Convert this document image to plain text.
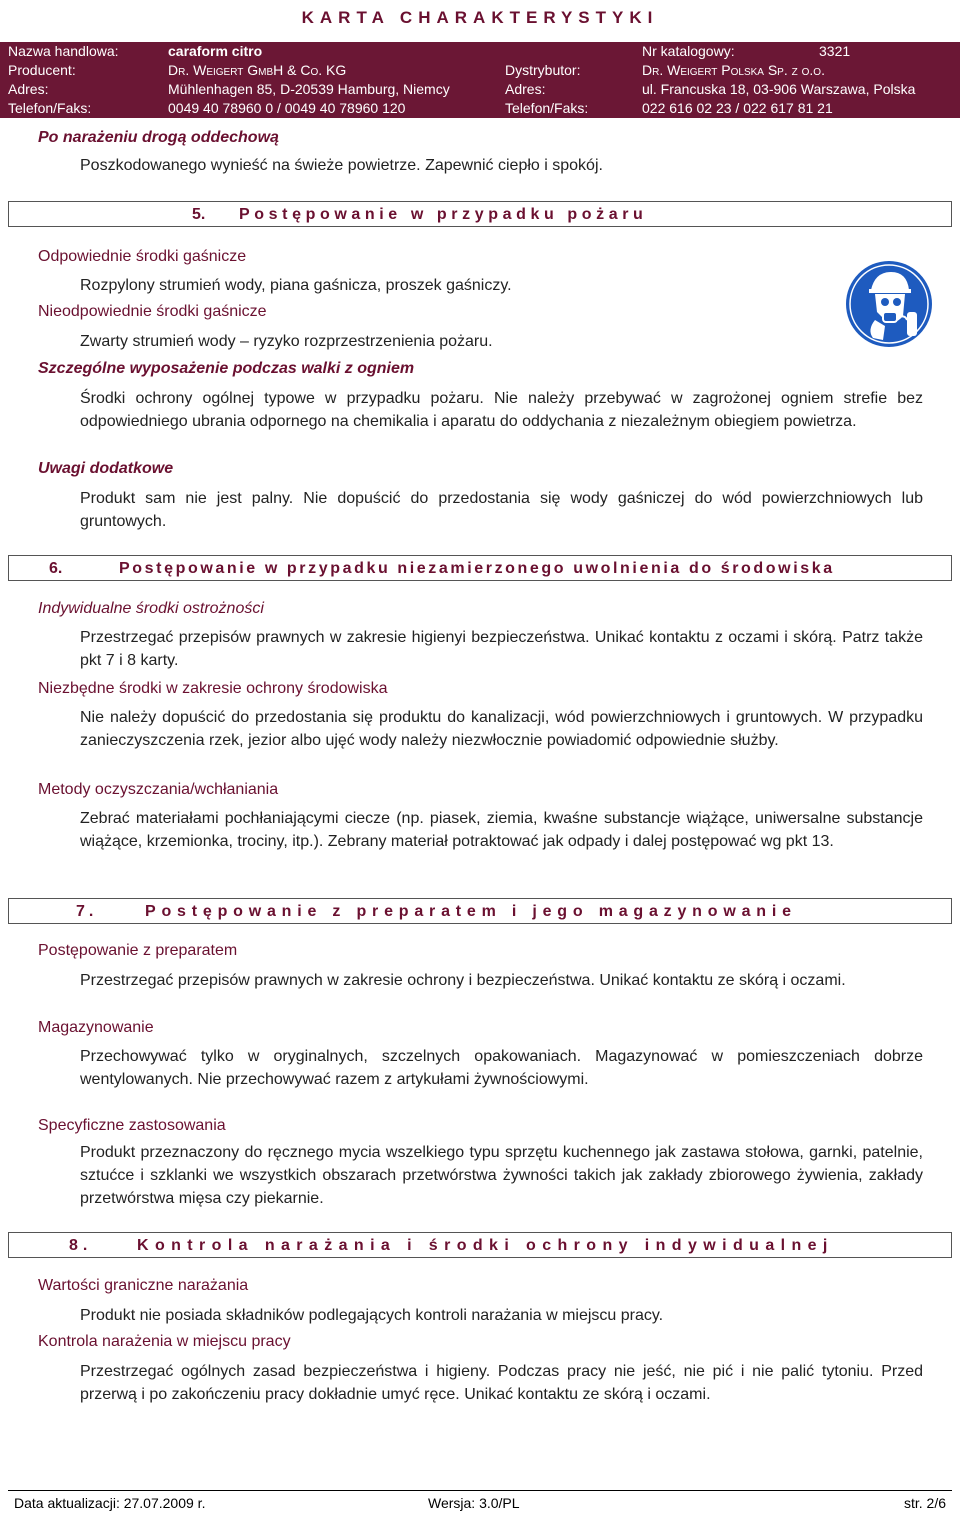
KARTA CHARAKTERYSTYKI
Nazwa handlowa:	caraform citro	Nr katalogowy:	3321
Producent:	Dr. Weigert GmbH & Co. KG	Dystrybutor:	Dr. Weigert Polska Sp. z o.o.
Adres:	Mühlenhagen 85, D-20539 Hamburg, Niemcy	Adres:	ul. Francuska 18, 03-906 Warszawa, Polska
Telefon/Faks:	0049 40 78960 0 / 0049 40 78960 120	Telefon/Faks:	022 616 02 23 / 022 617 81 21
Po narażeniu drogą oddechową
Poszkodowanego wynieść na świeże powietrze. Zapewnić ciepło i spokój.
5. Postępowanie w przypadku pożaru
Odpowiednie środki gaśnicze
Rozpylony strumień wody, piana gaśnicza, proszek gaśniczy.
Nieodpowiednie środki gaśnicze
Zwarty strumień wody – ryzyko rozprzestrzenienia pożaru.
Szczególne wyposażenie podczas walki z ogniem
Środki ochrony ogólnej typowe w przypadku pożaru. Nie należy przebywać w zagrożonej ogniem strefie bez odpowiedniego ubrania odpornego na chemikalia i aparatu do oddychania z niezależnym obiegiem powietrza.
Uwagi dodatkowe
Produkt sam nie jest palny. Nie dopuścić do przedostania się wody gaśniczej do wód powierzchniowych lub gruntowych.
6.	Postępowanie w przypadku niezamierzonego uwolnienia do środowiska
Indywidualne środki ostrożności
Przestrzegać przepisów prawnych w zakresie higienyi bezpieczeństwa. Unikać kontaktu z oczami i skórą. Patrz także pkt 7 i 8 karty.
Niezbędne środki w zakresie ochrony środowiska
Nie należy dopuścić do przedostania się produktu do kanalizacji, wód powierzchniowych i gruntowych. W przypadku zanieczyszczenia rzek, jezior albo ujęć wody należy niezwłocznie powiadomić odpowiednie służby.
Metody oczyszczania/wchłaniania
Zebrać materiałami pochłaniającymi ciecze (np. piasek, ziemia, kwaśne substancje wiążące, uniwersalne substancje wiążące, krzemionka, trociny, itp.). Zebrany materiał potraktować jak odpady i dalej postępować wg pkt 13.
7.	Postępowanie z preparatem i jego magazynowanie
Postępowanie z preparatem
Przestrzegać przepisów prawnych w zakresie ochrony i bezpieczeństwa. Unikać kontaktu ze skórą i oczami.
Magazynowanie
Przechowywać tylko w oryginalnych, szczelnych opakowaniach. Magazynować w pomieszczeniach dobrze wentylowanych. Nie przechowywać razem z artykułami żywnościowymi.
Specyficzne zastosowania
Produkt przeznaczony do ręcznego mycia wszelkiego typu sprzętu kuchennego jak zastawa stołowa, garnki, patelnie, sztućce i szklanki we wszystkich obszarach przetwórstwa żywności takich jak zakłady zbiorowego żywienia, zakłady przetwórstwa mięsa czy piekarnie.
8.	Kontrola narażania i środki ochrony indywidualnej
Wartości graniczne narażania
Produkt nie posiada składników podlegających kontroli narażania w miejscu pracy.
Kontrola narażenia w miejscu pracy
Przestrzegać ogólnych zasad bezpieczeństwa i higieny. Podczas pracy nie jeść, nie pić i nie palić tytoniu. Przed przerwą i po zakończeniu pracy dokładnie umyć ręce. Unikać kontaktu ze skórą i oczami.
Data aktualizacji: 27.07.2009 r.	Wersja: 3.0/PL	str. 2/6
